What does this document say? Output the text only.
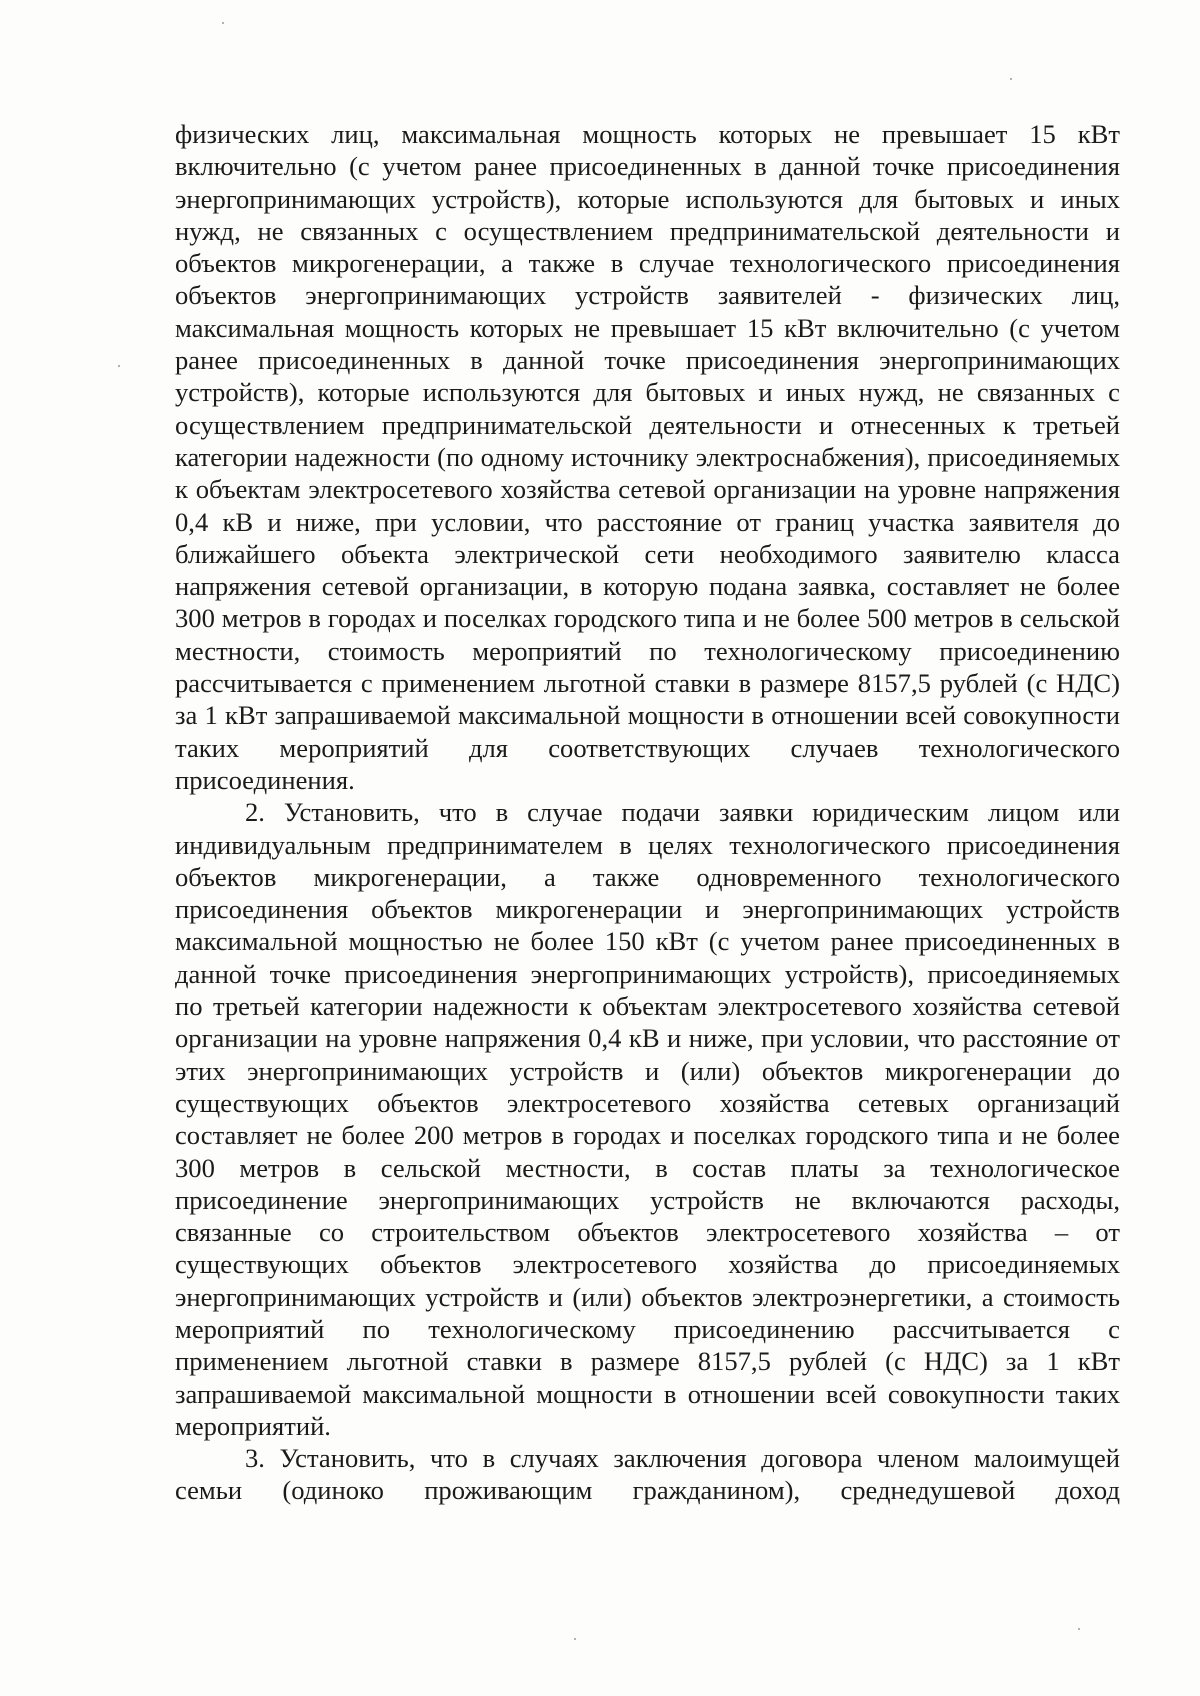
физических лиц, максимальная мощность которых не превышает 15 кВт включительно (с учетом ранее присоединенных в данной точке присоединения энергопринимающих устройств), которые используются для бытовых и иных нужд, не связанных с осуществлением предпринимательской деятельности и объектов микрогенерации, а также в случае технологического присоединения объектов энергопринимающих устройств заявителей - физических лиц, максимальная мощность которых не превышает 15 кВт включительно (с учетом ранее присоединенных в данной точке присоединения энергопринимающих устройств), которые используются для бытовых и иных нужд, не связанных с осуществлением предпринимательской деятельности и отнесенных к третьей категории надежности (по одному источнику электроснабжения), присоединяемых к объектам электросетевого хозяйства сетевой организации на уровне напряжения 0,4 кВ и ниже, при условии, что расстояние от границ участка заявителя до ближайшего объекта электрической сети необходимого заявителю класса напряжения сетевой организации, в которую подана заявка, составляет не более 300 метров в городах и поселках городского типа и не более 500 метров в сельской местности, стоимость мероприятий по технологическому присоединению рассчитывается с применением льготной ставки в размере 8157,5 рублей (с НДС) за 1 кВт запрашиваемой максимальной мощности в отношении всей совокупности таких мероприятий для соответствующих случаев технологического присоединения.

2. Установить, что в случае подачи заявки юридическим лицом или индивидуальным предпринимателем в целях технологического присоединения объектов микрогенерации, а также одновременного технологического присоединения объектов микрогенерации и энергопринимающих устройств максимальной мощностью не более 150 кВт (с учетом ранее присоединенных в данной точке присоединения энергопринимающих устройств), присоединяемых по третьей категории надежности к объектам электросетевого хозяйства сетевой организации на уровне напряжения 0,4 кВ и ниже, при условии, что расстояние от этих энергопринимающих устройств и (или) объектов микрогенерации до существующих объектов электросетевого хозяйства сетевых организаций составляет не более 200 метров в городах и поселках городского типа и не более 300 метров в сельской местности, в состав платы за технологическое присоединение энергопринимающих устройств не включаются расходы, связанные со строительством объектов электросетевого хозяйства – от существующих объектов электросетевого хозяйства до присоединяемых энергопринимающих устройств и (или) объектов электроэнергетики, а стоимость мероприятий по технологическому присоединению рассчитывается с применением льготной ставки в размере 8157,5 рублей (с НДС) за 1 кВт запрашиваемой максимальной мощности в отношении всей совокупности таких мероприятий.

3. Установить, что в случаях заключения договора членом малоимущей семьи (одиноко проживающим гражданином), среднедушевой доход
